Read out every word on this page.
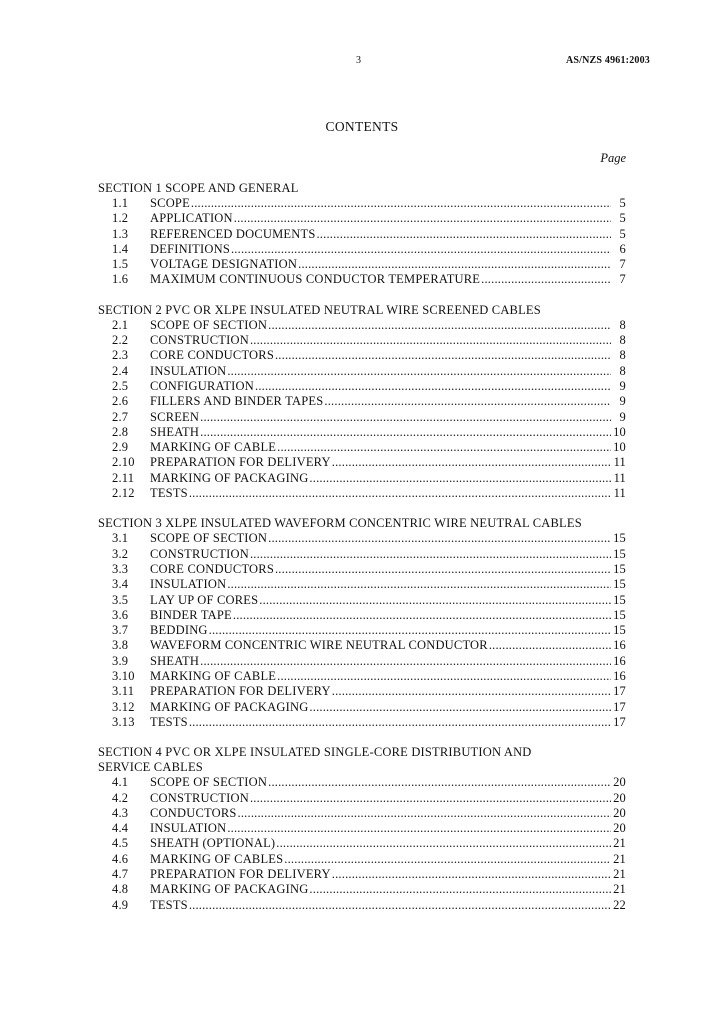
3	AS/NZS 4961:2003
CONTENTS
Page
SECTION 1 SCOPE AND GENERAL
1.1	SCOPE .....	5
1.2	APPLICATION .....	5
1.3	REFERENCED DOCUMENTS .....	5
1.4	DEFINITIONS .....	6
1.5	VOLTAGE DESIGNATION .....	7
1.6	MAXIMUM CONTINUOUS CONDUCTOR TEMPERATURE .....	7
SECTION 2 PVC OR XLPE INSULATED NEUTRAL WIRE SCREENED CABLES
2.1	SCOPE OF SECTION .....	8
2.2	CONSTRUCTION .....	8
2.3	CORE CONDUCTORS .....	8
2.4	INSULATION .....	8
2.5	CONFIGURATION .....	9
2.6	FILLERS AND BINDER TAPES .....	9
2.7	SCREEN .....	9
2.8	SHEATH .....	10
2.9	MARKING OF CABLE .....	10
2.10	PREPARATION FOR DELIVERY .....	11
2.11	MARKING OF PACKAGING .....	11
2.12	TESTS .....	11
SECTION 3 XLPE INSULATED WAVEFORM CONCENTRIC WIRE NEUTRAL CABLES
3.1	SCOPE OF SECTION .....	15
3.2	CONSTRUCTION .....	15
3.3	CORE CONDUCTORS .....	15
3.4	INSULATION .....	15
3.5	LAY UP OF CORES .....	15
3.6	BINDER TAPE .....	15
3.7	BEDDING .....	15
3.8	WAVEFORM CONCENTRIC WIRE NEUTRAL CONDUCTOR .....	16
3.9	SHEATH .....	16
3.10	MARKING OF CABLE .....	16
3.11	PREPARATION FOR DELIVERY .....	17
3.12	MARKING OF PACKAGING .....	17
3.13	TESTS .....	17
SECTION 4 PVC OR XLPE INSULATED SINGLE-CORE DISTRIBUTION AND
SERVICE CABLES
4.1	SCOPE OF SECTION .....	20
4.2	CONSTRUCTION .....	20
4.3	CONDUCTORS .....	20
4.4	INSULATION .....	20
4.5	SHEATH (OPTIONAL) .....	21
4.6	MARKING OF CABLES .....	21
4.7	PREPARATION FOR DELIVERY .....	21
4.8	MARKING OF PACKAGING .....	21
4.9	TESTS .....	22
